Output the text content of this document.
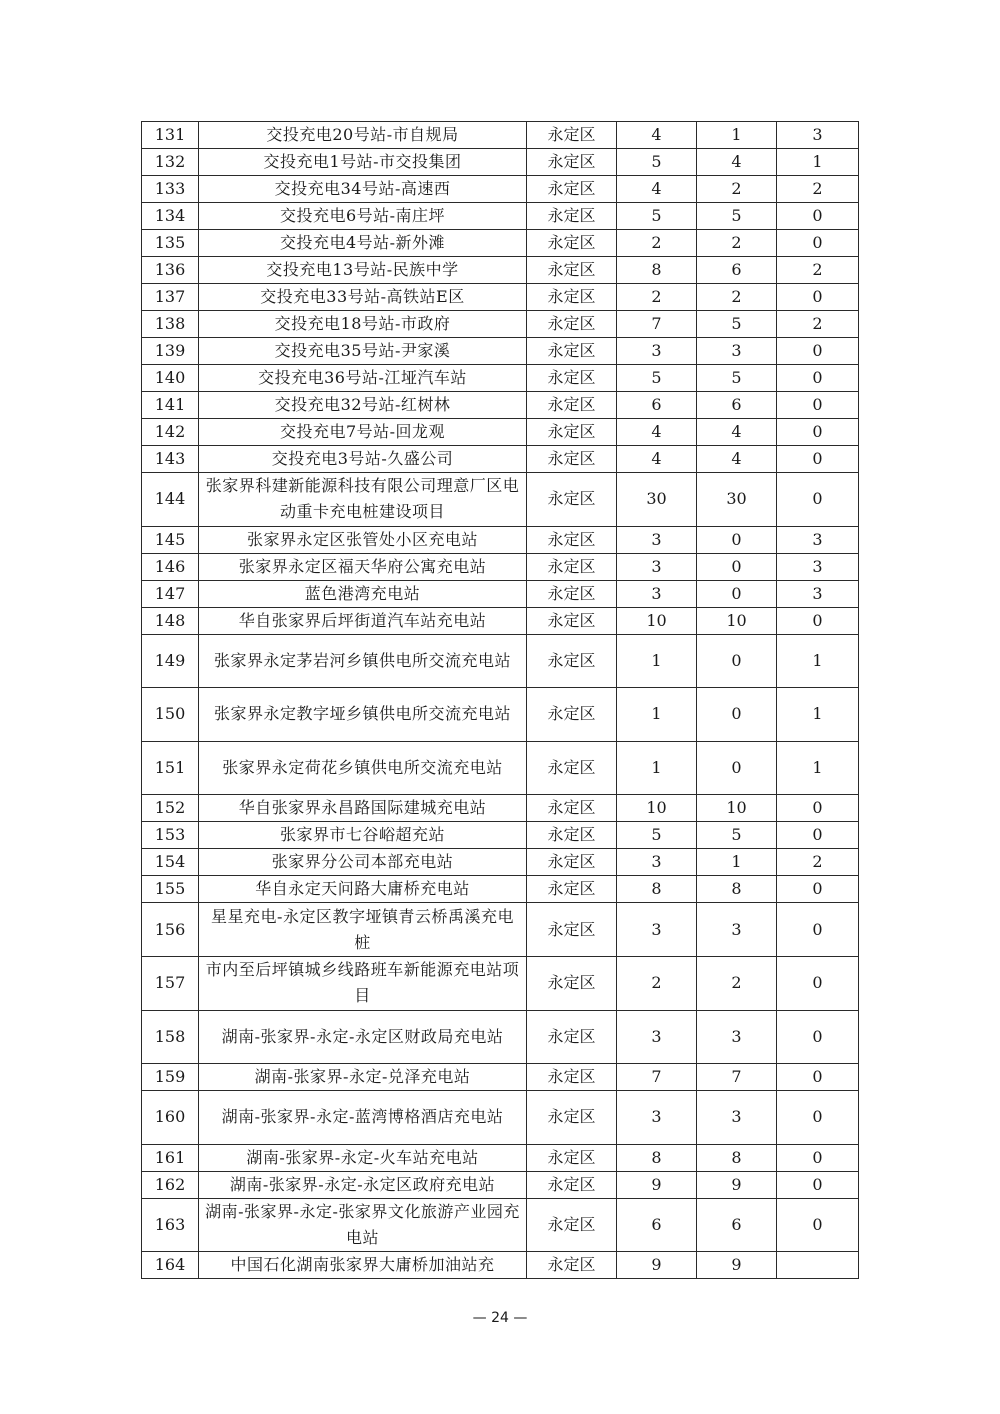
131	交投充电20号站-市自规局	永定区	4	1	3
132	交投充电1号站-市交投集团	永定区	5	4	1
133	交投充电34号站-高速西	永定区	4	2	2
134	交投充电6号站-南庄坪	永定区	5	5	0
135	交投充电4号站-新外滩	永定区	2	2	0
136	交投充电13号站-民族中学	永定区	8	6	2
137	交投充电33号站-高铁站E区	永定区	2	2	0
138	交投充电18号站-市政府	永定区	7	5	2
139	交投充电35号站-尹家溪	永定区	3	3	0
140	交投充电36号站-江垭汽车站	永定区	5	5	0
141	交投充电32号站-红树林	永定区	6	6	0
142	交投充电7号站-回龙观	永定区	4	4	0
143	交投充电3号站-久盛公司	永定区	4	4	0
144	张家界科建新能源科技有限公司理意厂区电动重卡充电桩建设项目	永定区	30	30	0
145	张家界永定区张管处小区充电站	永定区	3	0	3
146	张家界永定区福天华府公寓充电站	永定区	3	0	3
147	蓝色港湾充电站	永定区	3	0	3
148	华自张家界后坪街道汽车站充电站	永定区	10	10	0
149	张家界永定茅岩河乡镇供电所交流充电站	永定区	1	0	1
150	张家界永定教字垭乡镇供电所交流充电站	永定区	1	0	1
151	张家界永定荷花乡镇供电所交流充电站	永定区	1	0	1
152	华自张家界永昌路国际建城充电站	永定区	10	10	0
153	张家界市七谷峪超充站	永定区	5	5	0
154	张家界分公司本部充电站	永定区	3	1	2
155	华自永定天问路大庸桥充电站	永定区	8	8	0
156	星星充电-永定区教字垭镇青云桥禹溪充电桩	永定区	3	3	0
157	市内至后坪镇城乡线路班车新能源充电站项目	永定区	2	2	0
158	湖南-张家界-永定-永定区财政局充电站	永定区	3	3	0
159	湖南-张家界-永定-兑泽充电站	永定区	7	7	0
160	湖南-张家界-永定-蓝湾博格酒店充电站	永定区	3	3	0
161	湖南-张家界-永定-火车站充电站	永定区	8	8	0
162	湖南-张家界-永定-永定区政府充电站	永定区	9	9	0
163	湖南-张家界-永定-张家界文化旅游产业园充电站	永定区	6	6	0
164	中国石化湖南张家界大庸桥加油站充	永定区	9	9	
— 24 —
